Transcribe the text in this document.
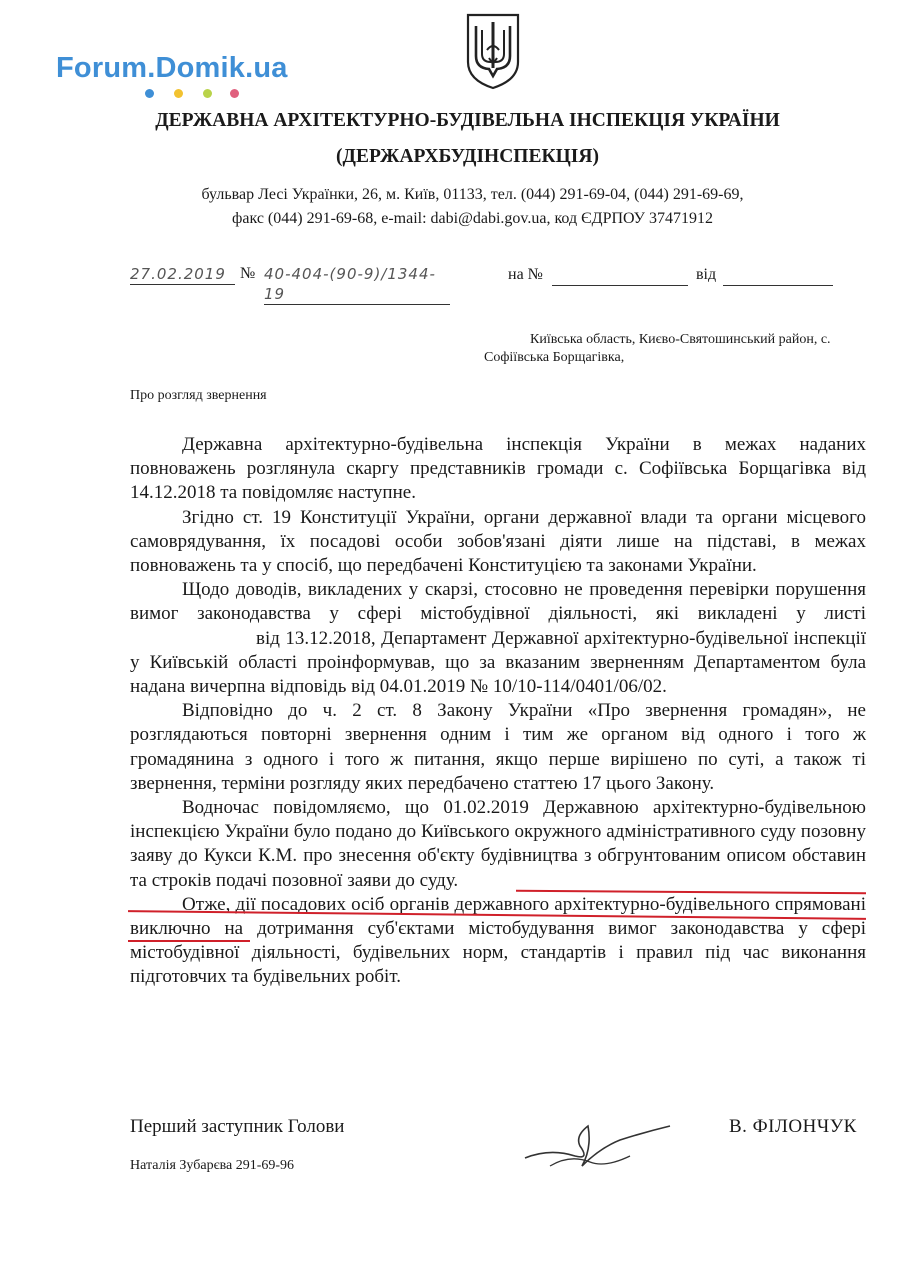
Forum.Domik.ua
ДЕРЖАВНА АРХІТЕКТУРНО-БУДІВЕЛЬНА ІНСПЕКЦІЯ УКРАЇНИ
(ДЕРЖАРХБУДІНСПЕКЦІЯ)
бульвар Лесі Українки, 26, м. Київ, 01133, тел. (044) 291-69-04, (044) 291-69-69,
факс (044) 291-69-68, e-mail: dabi@dabi.gov.ua, код ЄДРПОУ 37471912
27.02.2019 № 40-404-(90-9)/1344-19
на №	від
Київська область, Києво-Святошинський район, с.
Софіївська Борщагівка,
Про розгляд звернення

Державна архітектурно-будівельна інспекція України в межах наданих повноважень розглянула скаргу представників громади с. Софіївська Борщагівка від 14.12.2018 та повідомляє наступне.

Згідно ст. 19 Конституції України, органи державної влади та органи місцевого самоврядування, їх посадові особи зобов'язані діяти лише на підставі, в межах повноважень та у спосіб, що передбачені Конституцією та законами України.

Щодо доводів, викладених у скарзі, стосовно не проведення перевірки порушення вимог законодавства у сфері містобудівної діяльності, які викладені у листівід 13.12.2018, Департамент Державної архітектурно-будівельної інспекції у Київській області проінформував, що за вказаним зверненням Департаментом була надана вичерпна відповідь від 04.01.2019 № 10/10-114/0401/06/02.

Відповідно до ч. 2 ст. 8 Закону України «Про звернення громадян», не розглядаються повторні звернення одним і тим же органом від одного і того ж громадянина з одного і того ж питання, якщо перше вирішено по суті, а також ті звернення, терміни розгляду яких передбачено статтею 17 цього Закону.

Водночас повідомляємо, що 01.02.2019 Державною архітектурно-будівельною інспекцією України було подано до Київського окружного адміністративного суду позовну заяву до Кукси К.М. про знесення об'єкту будівництва з обгрунтованим описом обставин та строків подачі позовної заяви до суду.

Отже, дії посадових осіб органів державного архітектурно-будівельного спрямовані виключно на дотримання суб'єктами містобудування вимог законодавства у сфері містобудівної діяльності, будівельних норм, стандартів і правил під час виконання підготовчих та будівельних робіт.

Перший заступник Голови	В. ФІЛОНЧУК
Наталія Зубарєва 291-69-96
